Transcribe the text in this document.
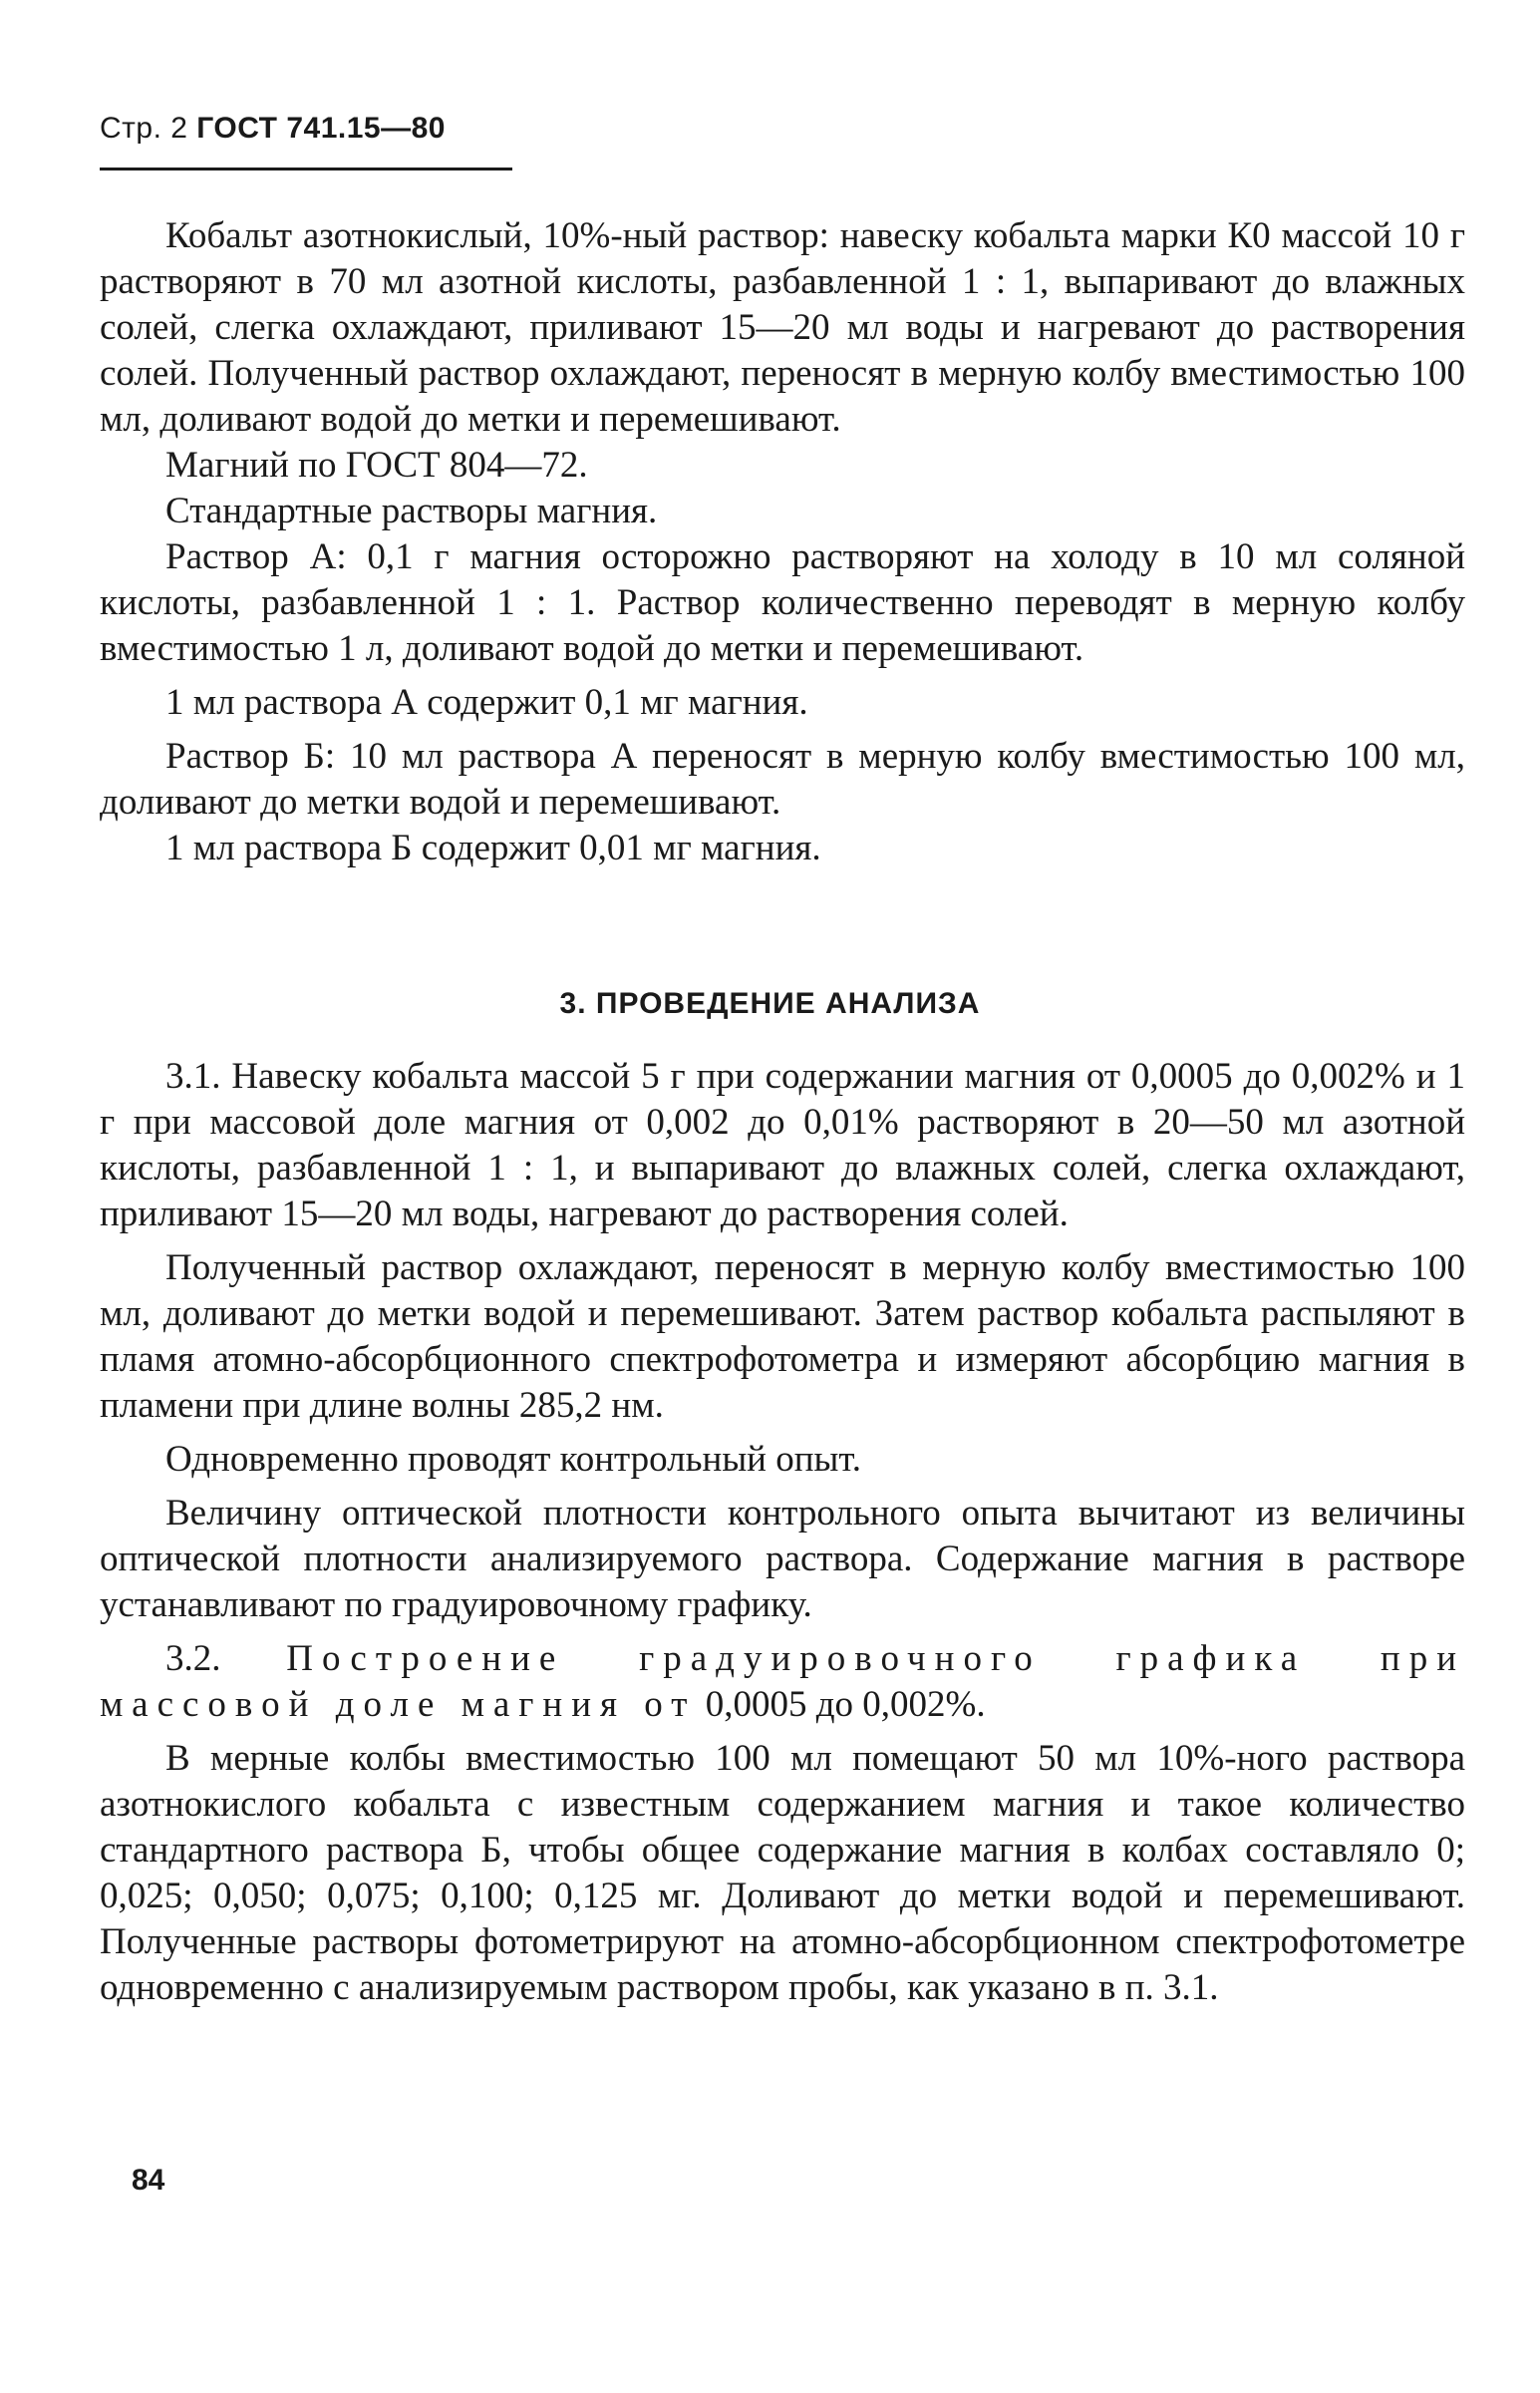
Стр. 2 ГОСТ 741.15—80

Кобальт азотнокислый, 10%-ный раствор: навеску кобальта марки К0 массой 10 г растворяют в 70 мл азотной кислоты, разбавленной 1 : 1, выпаривают до влажных солей, слегка охлаждают, приливают 15—20 мл воды и нагревают до растворения солей. Полученный раствор охлаждают, переносят в мерную колбу вместимостью 100 мл, доливают водой до метки и перемешивают.

Магний по ГОСТ 804—72.

Стандартные растворы магния.

Раствор А: 0,1 г магния осторожно растворяют на холоду в 10 мл соляной кислоты, разбавленной 1 : 1. Раствор количественно переводят в мерную колбу вместимостью 1 л, доливают водой до метки и перемешивают.

1 мл раствора А содержит 0,1 мг магния.

Раствор Б: 10 мл раствора А переносят в мерную колбу вместимостью 100 мл, доливают до метки водой и перемешивают.

1 мл раствора Б содержит 0,01 мг магния.

3. ПРОВЕДЕНИЕ АНАЛИЗА

3.1. Навеску кобальта массой 5 г при содержании магния от 0,0005 до 0,002% и 1 г при массовой доле магния от 0,002 до 0,01% растворяют в 20—50 мл азотной кислоты, разбавленной 1 : 1, и выпаривают до влажных солей, слегка охлаждают, приливают 15—20 мл воды, нагревают до растворения солей.

Полученный раствор охлаждают, переносят в мерную колбу вместимостью 100 мл, доливают до метки водой и перемешивают. Затем раствор кобальта распыляют в пламя атомно-абсорбционного спектрофотометра и измеряют абсорбцию магния в пламени при длине волны 285,2 нм.

Одновременно проводят контрольный опыт.

Величину оптической плотности контрольного опыта вычитают из величины оптической плотности анализируемого раствора. Содержание магния в растворе устанавливают по градуировочному графику.

3.2. Построение градуировочного графика при массовой доле магния от 0,0005 до 0,002%.

В мерные колбы вместимостью 100 мл помещают 50 мл 10%-ного раствора азотнокислого кобальта с известным содержанием магния и такое количество стандартного раствора Б, чтобы общее содержание магния в колбах составляло 0; 0,025; 0,050; 0,075; 0,100; 0,125 мг. Доливают до метки водой и перемешивают. Полученные растворы фотометрируют на атомно-абсорбционном спектрофотометре одновременно с анализируемым раствором пробы, как указано в п. 3.1.

84
